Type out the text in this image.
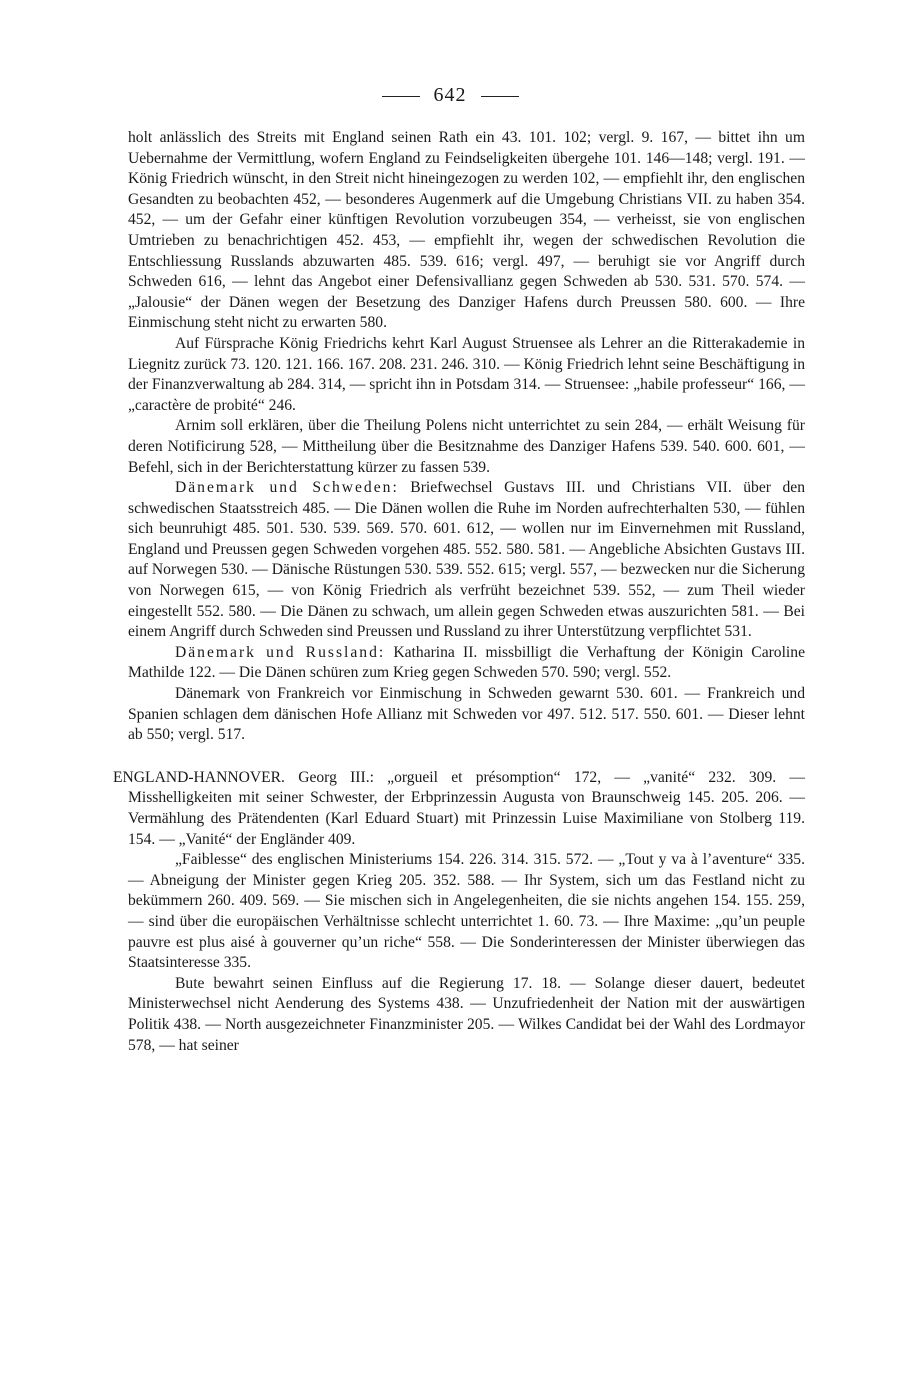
642

holt anlässlich des Streits mit England seinen Rath ein 43. 101. 102; vergl. 9. 167, — bittet ihn um Uebernahme der Vermittlung, wofern England zu Feindseligkeiten übergehe 101. 146—148; vergl. 191. — König Friedrich wünscht, in den Streit nicht hineingezogen zu werden 102, — empfiehlt ihr, den englischen Gesandten zu beobachten 452, — besonderes Augenmerk auf die Umgebung Christians VII. zu haben 354. 452, — um der Gefahr einer künftigen Revolution vorzubeugen 354, — verheisst, sie von englischen Umtrieben zu benachrichtigen 452. 453, — empfiehlt ihr, wegen der schwedischen Revolution die Entschliessung Russlands abzuwarten 485. 539. 616; vergl. 497, — beruhigt sie vor Angriff durch Schweden 616, — lehnt das Angebot einer Defensivallianz gegen Schweden ab 530. 531. 570. 574. — „Jalousie“ der Dänen wegen der Besetzung des Danziger Hafens durch Preussen 580. 600. — Ihre Einmischung steht nicht zu erwarten 580.

Auf Fürsprache König Friedrichs kehrt Karl August Struensee als Lehrer an die Ritterakademie in Liegnitz zurück 73. 120. 121. 166. 167. 208. 231. 246. 310. — König Friedrich lehnt seine Beschäftigung in der Finanzverwaltung ab 284. 314, — spricht ihn in Potsdam 314. — Struensee: „habile professeur“ 166, — „caractère de probité“ 246.

Arnim soll erklären, über die Theilung Polens nicht unterrichtet zu sein 284, — erhält Weisung für deren Notificirung 528, — Mittheilung über die Besitznahme des Danziger Hafens 539. 540. 600. 601, — Befehl, sich in der Berichterstattung kürzer zu fassen 539.

Dänemark und Schweden: Briefwechsel Gustavs III. und Christians VII. über den schwedischen Staatsstreich 485. — Die Dänen wollen die Ruhe im Norden aufrechterhalten 530, — fühlen sich beunruhigt 485. 501. 530. 539. 569. 570. 601. 612, — wollen nur im Einvernehmen mit Russland, England und Preussen gegen Schweden vorgehen 485. 552. 580. 581. — Angebliche Absichten Gustavs III. auf Norwegen 530. — Dänische Rüstungen 530. 539. 552. 615; vergl. 557, — bezwecken nur die Sicherung von Norwegen 615, — von König Friedrich als verfrüht bezeichnet 539. 552, — zum Theil wieder eingestellt 552. 580. — Die Dänen zu schwach, um allein gegen Schweden etwas auszurichten 581. — Bei einem Angriff durch Schweden sind Preussen und Russland zu ihrer Unterstützung verpflichtet 531.

Dänemark und Russland: Katharina II. missbilligt die Verhaftung der Königin Caroline Mathilde 122. — Die Dänen schüren zum Krieg gegen Schweden 570. 590; vergl. 552.

Dänemark von Frankreich vor Einmischung in Schweden gewarnt 530. 601. — Frankreich und Spanien schlagen dem dänischen Hofe Allianz mit Schweden vor 497. 512. 517. 550. 601. — Dieser lehnt ab 550; vergl. 517.

ENGLAND-HANNOVER. Georg III.: „orgueil et présomption“ 172, — „vanité“ 232. 309. — Misshelligkeiten mit seiner Schwester, der Erbprinzessin Augusta von Braunschweig 145. 205. 206. — Vermählung des Prätendenten (Karl Eduard Stuart) mit Prinzessin Luise Maximiliane von Stolberg 119. 154. — „Vanité“ der Engländer 409.

„Faiblesse“ des englischen Ministeriums 154. 226. 314. 315. 572. — „Tout y va à l’aventure“ 335. — Abneigung der Minister gegen Krieg 205. 352. 588. — Ihr System, sich um das Festland nicht zu bekümmern 260. 409. 569. — Sie mischen sich in Angelegenheiten, die sie nichts angehen 154. 155. 259, — sind über die europäischen Verhältnisse schlecht unterrichtet 1. 60. 73. — Ihre Maxime: „qu’un peuple pauvre est plus aisé à gouverner qu’un riche“ 558. — Die Sonderinteressen der Minister überwiegen das Staatsinteresse 335.

Bute bewahrt seinen Einfluss auf die Regierung 17. 18. — Solange dieser dauert, bedeutet Ministerwechsel nicht Aenderung des Systems 438. — Unzufriedenheit der Nation mit der auswärtigen Politik 438. — North ausgezeichneter Finanzminister 205. — Wilkes Candidat bei der Wahl des Lordmayor 578, — hat seiner
